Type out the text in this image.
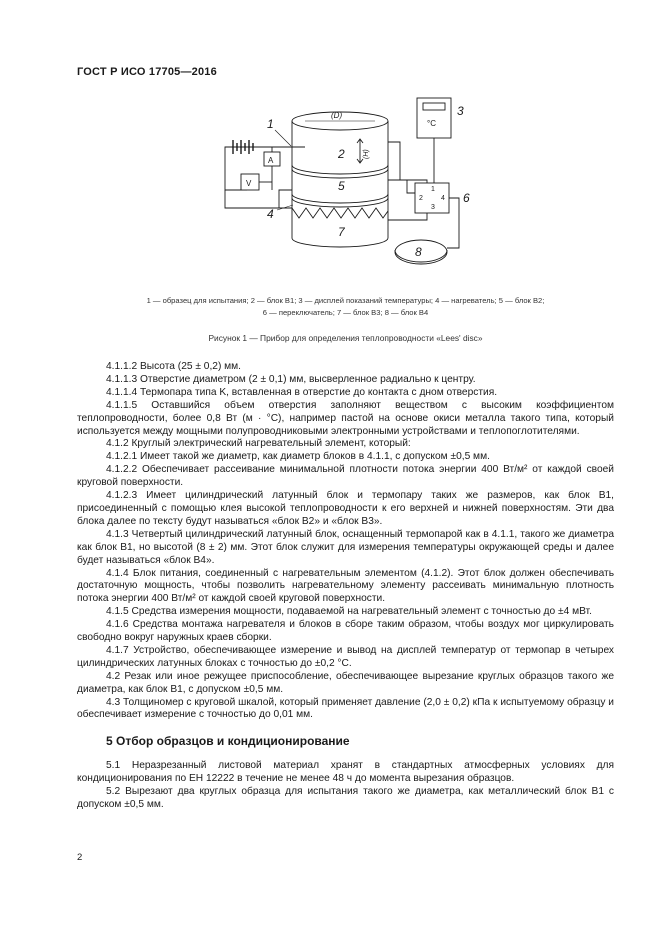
ГОСТ Р ИСО 17705—2016
(D)
(H)
1
2
3
4
5
6
7
8
°C
A
V
1
2
3
4
1 — образец для испытания; 2 — блок B1; 3 — дисплей показаний температуры; 4 — нагреватель; 5 — блок B2;
6 — переключатель; 7 — блок B3; 8 — блок B4
Рисунок 1 — Прибор для определения теплопроводности «Lees' disc»

4.1.1.2 Высота (25 ± 0,2) мм.

4.1.1.3 Отверстие диаметром (2 ± 0,1) мм, высверленное радиально к центру.

4.1.1.4 Термопара типа K, вставленная в отверстие до контакта с дном отверстия.

4.1.1.5 Оставшийся объем отверстия заполняют веществом с высоким коэффициентом теплопроводности, более 0,8 Вт (м · °C), например пастой на основе окиси металла такого типа, который используется между мощными полупроводниковыми электронными устройствами и теплопоглотителями.

4.1.2 Круглый электрический нагревательный элемент, который:

4.1.2.1 Имеет такой же диаметр, как диаметр блоков в 4.1.1, с допуском ±0,5 мм.

4.1.2.2 Обеспечивает рассеивание минимальной плотности потока энергии 400 Вт/м² от каждой своей круговой поверхности.

4.1.2.3 Имеет цилиндрический латунный блок и термопару таких же размеров, как блок B1, присоединенный с помощью клея высокой теплопроводности к его верхней и нижней поверхностям. Эти два блока далее по тексту будут называться «блок B2» и «блок B3».

4.1.3 Четвертый цилиндрический латунный блок, оснащенный термопарой как в 4.1.1, такого же диаметра как блок B1, но высотой (8 ± 2) мм. Этот блок служит для измерения температуры окружающей среды и далее будет называться «блок B4».

4.1.4 Блок питания, соединенный с нагревательным элементом (4.1.2). Этот блок должен обеспечивать достаточную мощность, чтобы позволить нагревательному элементу рассеивать минимальную плотность потока энергии 400 Вт/м² от каждой своей круговой поверхности.

4.1.5 Средства измерения мощности, подаваемой на нагревательный элемент с точностью до ±4 мВт.

4.1.6 Средства монтажа нагревателя и блоков в сборе таким образом, чтобы воздух мог циркулировать свободно вокруг наружных краев сборки.

4.1.7 Устройство, обеспечивающее измерение и вывод на дисплей температур от термопар в четырех цилиндрических латунных блоках с точностью до ±0,2 °C.

4.2 Резак или иное режущее приспособление, обеспечивающее вырезание круглых образцов такого же диаметра, как блок B1, с допуском ±0,5 мм.

4.3 Толщиномер с круговой шкалой, который применяет давление (2,0 ± 0,2) кПа к испытуемому образцу и обеспечивает измерение с точностью до 0,01 мм.

5 Отбор образцов и кондиционирование

5.1 Неразрезанный листовой материал хранят в стандартных атмосферных условиях для кондиционирования по ЕН 12222 в течение не менее 48 ч до момента вырезания образцов.

5.2 Вырезают два круглых образца для испытания такого же диаметра, как металлический блок B1 с допуском ±0,5 мм.

2
